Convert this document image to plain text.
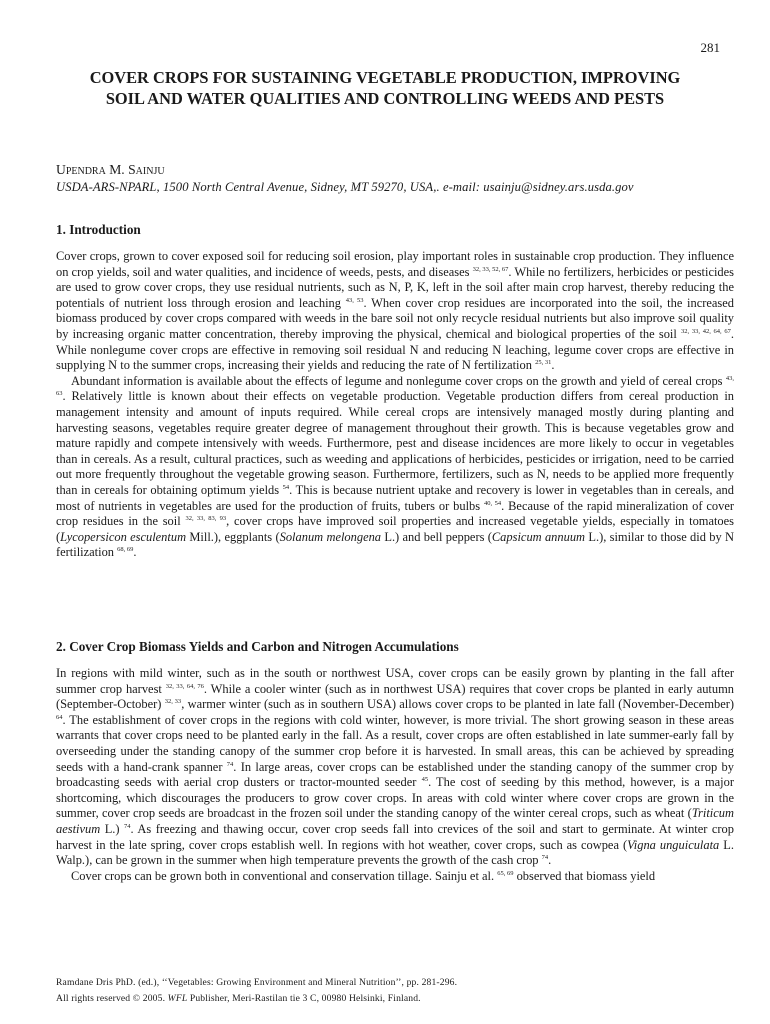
281
COVER CROPS FOR SUSTAINING VEGETABLE PRODUCTION, IMPROVING
SOIL AND WATER QUALITIES AND CONTROLLING WEEDS AND PESTS
Upendra M. Sainju
USDA-ARS-NPARL, 1500 North Central Avenue, Sidney, MT 59270, USA,. e-mail: usainju@sidney.ars.usda.gov
1. Introduction

Cover crops, grown to cover exposed soil for reducing soil erosion, play important roles in sustainable crop production. They influence on crop yields, soil and water qualities, and incidence of weeds, pests, and diseases $^{32, 33, 52, 67}$. While no fertilizers, herbicides or pesticides are used to grow cover crops, they use residual nutrients, such as N, P, K, left in the soil after main crop harvest, thereby reducing the potentials of nutrient loss through erosion and leaching $^{43, 53}$. When cover crop residues are incorporated into the soil, the increased biomass produced by cover crops compared with weeds in the bare soil not only recycle residual nutrients but also improve soil quality by increasing organic matter concentration, thereby improving the physical, chemical and biological properties of the soil $^{32, 33, 42, 64, 67}$. While nonlegume cover crops are effective in removing soil residual N and reducing N leaching, legume cover crops are effective in supplying N to the summer crops, increasing their yields and reducing the rate of N fertilization $^{25, 31}$.

Abundant information is available about the effects of legume and nonlegume cover crops on the growth and yield of cereal crops $^{43, 63}$. Relatively little is known about their effects on vegetable production. Vegetable production differs from cereal production in management intensity and amount of inputs required. While cereal crops are intensively managed mostly during planting and harvesting seasons, vegetables require greater degree of management throughout their growth. This is because vegetables grow and mature rapidly and compete intensively with weeds. Furthermore, pest and disease incidences are more likely to occur in vegetables than in cereals. As a result, cultural practices, such as weeding and applications of herbicides, pesticides or irrigation, need to be carried out more frequently throughout the vegetable growing season. Furthermore, fertilizers, such as N, needs to be applied more frequently than in cereals for obtaining optimum yields $^{54}$. This is because nutrient uptake and recovery is lower in vegetables than in cereals, and most of nutrients in vegetables are used for the production of fruits, tubers or bulbs $^{40, 54}$. Because of the rapid mineralization of cover crop residues in the soil $^{32, 33, 83, 93}$, cover crops have improved soil properties and increased vegetable yields, especially in tomatoes (Lycopersicon esculentum Mill.), eggplants (Solanum melongena L.) and bell peppers (Capsicum annuum L.), similar to those did by N fertilization $^{68, 69}$.

2. Cover Crop Biomass Yields and Carbon and Nitrogen Accumulations

In regions with mild winter, such as in the south or northwest USA, cover crops can be easily grown by planting in the fall after summer crop harvest $^{32, 33, 64, 76}$. While a cooler winter (such as in northwest USA) requires that cover crops be planted in early autumn (September-October) $^{32, 33}$, warmer winter (such as in southern USA) allows cover crops to be planted in late fall (November-December) $^{64}$. The establishment of cover crops in the regions with cold winter, however, is more trivial. The short growing season in these areas warrants that cover crops need to be planted early in the fall. As a result, cover crops are often established in late summer-early fall by overseeding under the standing canopy of the summer crop before it is harvested. In small areas, this can be achieved by spreading seeds with a hand-crank spanner $^{74}$. In large areas, cover crops can be established under the standing canopy of the summer crop by broadcasting seeds with aerial crop dusters or tractor-mounted seeder $^{45}$. The cost of seeding by this method, however, is a major shortcoming, which discourages the producers to grow cover crops. In areas with cold winter where cover crops are grown in the summer, cover crop seeds are broadcast in the frozen soil under the standing canopy of the winter cereal crops, such as wheat (Triticum aestivum L.) $^{74}$. As freezing and thawing occur, cover crop seeds fall into crevices of the soil and start to germinate. At winter crop harvest in the late spring, cover crops establish well. In regions with hot weather, cover crops, such as cowpea (Vigna unguiculata L. Walp.), can be grown in the summer when high temperature prevents the growth of the cash crop $^{74}$.

Cover crops can be grown both in conventional and conservation tillage. Sainju et al. $^{65, 69}$ observed that biomass yield

Ramdane Dris PhD. (ed.), ‘‘Vegetables: Growing Environment and Mineral Nutrition’’, pp. 281-296.
All rights reserved © 2005. WFL Publisher, Meri-Rastilan tie 3 C, 00980 Helsinki, Finland.
